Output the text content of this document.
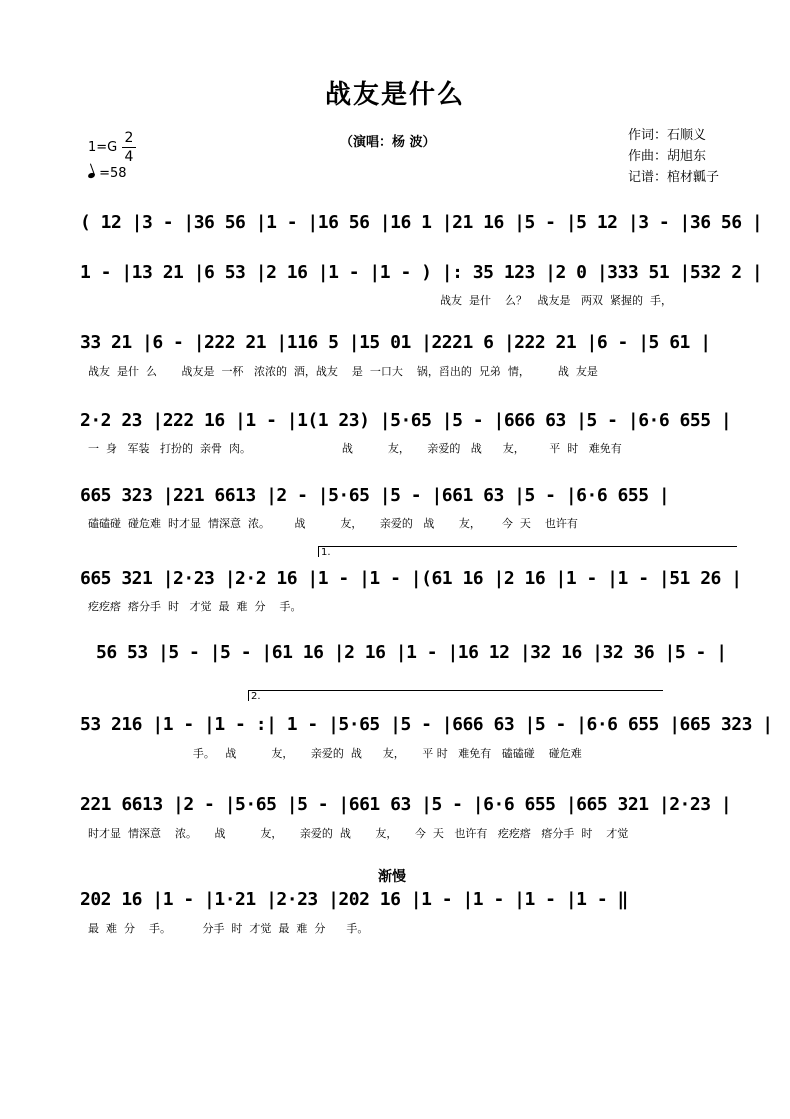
战友是什么
（演唱：杨 波）	作词：石顺义
作曲：胡旭东
记谱：棺材瓤子
1=G
2
4
=58
( 12 |3 - |36 56 |1 - |16 56 |16 1 |21 16 |5 - |5 12 |3 - |36 56 |
1 - |13 21 |6 53 |2 16 |1 - |1 - ) |: 35 123 |2 0 |333 51 |532 2 |
战友  是什    么？   战友是   两双  紧握的  手，
33 21 |6 - |222 21 |116 5 |15 01 |2221 6 |222 21 |6 - |5 61 |
战友  是什  么       战友是  一杯   浓浓的  酒，战友    是  一口大    锅，舀出的  兄弟  情，        战  友是
2·2 23 |222 16 |1 - |1(1 23) |5·65 |5 - |666 63 |5 - |6·6 655 |
一  身   军装   打扮的  亲骨  肉。                          战          友，     亲爱的   战      友，       平  时   难免有
665 323 |221 6613 |2 - |5·65 |5 - |661 63 |5 - |6·6 655 |
磕磕碰  碰危难  时才显  情深意  浓。       战          友，     亲爱的   战       友，      今  天    也许有
1.
665 321 |2·23 |2·2 16 |1 - |1 - |(61 16 |2 16 |1 - |1 - |51 26 |
疙疙瘩  瘩分手  时   才觉  最  难  分    手。
56 53 |5 - |5 - |61 16 |2 16 |1 - |16 12 |32 16 |32 36 |5 - |
2.
53 216 |1 - |1 - :| 1 - |5·65 |5 - |666 63 |5 - |6·6 655 |665 323 |
手。   战          友，     亲爱的  战      友，     平 时   难免有   磕磕碰    碰危难
221 6613 |2 - |5·65 |5 - |661 63 |5 - |6·6 655 |665 321 |2·23 |
时才显  情深意    浓。     战          友，     亲爱的  战       友，     今  天   也许有   疙疙瘩   瘩分手  时    才觉
渐慢
202 16 |1 - |1·21 |2·23 |202 16 |1 - |1 - |1 - |1 - ‖
最  难  分    手。         分手  时  才觉  最  难  分      手。
